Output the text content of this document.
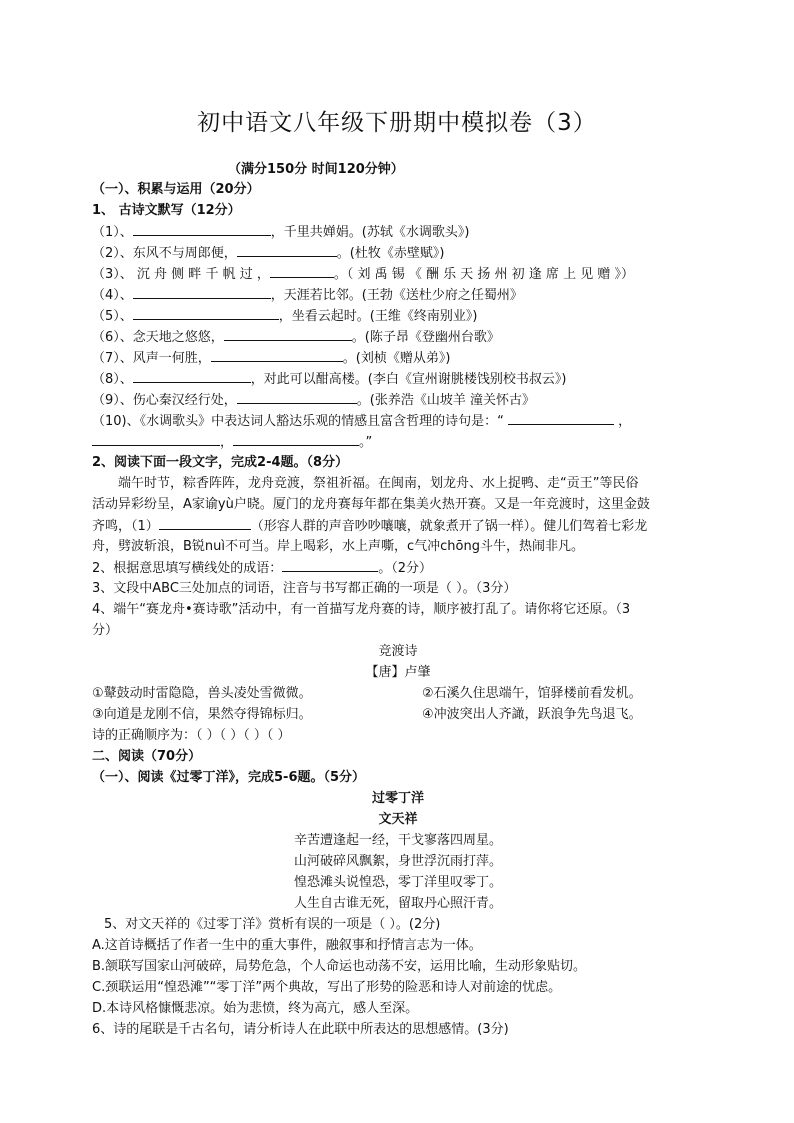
初中语文八年级下册期中模拟卷（3）
（满分150分 时间120分钟）
（一）、积累与运用（20分）
1、 古诗文默写（12分）
（1）、	，千里共婵娟。(苏轼《水调歌头》)
（2）、东风不与周郎便，	。(杜牧《赤壁赋》)
（3）、 沉 舟 侧 畔 千 帆 过 ，	。（ 刘 禹 锡 《 酬 乐 天 扬 州 初 逢 席 上 见 赠 》）
（4）、	，天涯若比邻。(王勃《送杜少府之任蜀州》
（5）、	，坐看云起时。(王维《终南别业》)
（6）、念天地之悠悠，	。(陈子昂《登幽州台歌》
（7）、风声一何胜，	。(刘桢《赠从弟》)
（8）、	，对此可以酣高楼。(李白《宣州谢朓楼饯别校书叔云》)
（9）、伤心秦汉经行处，	。(张养浩《山坡羊 潼关怀古》
（10)、《水调歌头》中表达词人豁达乐观的情感且富含哲理的诗句是：“	，
，	。”
2、阅读下面一段文字，完成2-4题。（8分）
端午时节，粽香阵阵，龙舟竞渡，祭祖祈福。在闽南，划龙舟、水上捉鸭、走“贡王”等民俗
活动异彩纷呈，A家谕yù户晓。厦门的龙舟赛每年都在集美火热开赛。又是一年竞渡时，这里金鼓
齐鸣，（1）	（形容人群的声音吵吵嚷嚷，就象煮开了锅一样）。健儿们驾着七彩龙
舟，劈波斩浪，B锐nuì不可当。岸上喝彩，水上声嘶，c气冲chōng斗牛，热闹非凡。
2、根据意思填写横线处的成语：	。（2分）
3、文段中ABC三处加点的词语，注音与书写都正确的一项是（ ）。（3分）
4、端午“赛龙舟•赛诗歌”活动中，有一首描写龙舟赛的诗，顺序被打乱了。请你将它还原。（3
分）
竞渡诗
【唐】卢肇
①鼙鼓动时雷隐隐，兽头凌处雪微微。	②石溪久住思端午，馆驿楼前看发机。
③向道是龙刚不信，果然夺得锦标归。	④冲波突出人齐譀，跃浪争先鸟退飞。
诗的正确顺序为：（ ）（ ）（ ）（ ）
二、阅读（70分）
（一）、阅读《过零丁洋》，完成5-6题。（5分）
过零丁洋
文天祥
辛苦遭逢起一经，干戈寥落四周星。
山河破碎风飘絮，身世浮沉雨打萍。
惶恐滩头说惶恐，零丁洋里叹零丁。
人生自古谁无死，留取丹心照汗青。
5、对文天祥的《过零丁洋》赏析有误的一项是（ ）。(2分)
A.这首诗概括了作者一生中的重大事件，融叙事和抒情言志为一体。
B.颔联写国家山河破碎，局势危急，个人命运也动荡不安，运用比喻，生动形象贴切。
C.颈联运用“惶恐滩”“零丁洋”两个典故，写出了形势的险恶和诗人对前途的忧虑。
D.本诗风格慷慨悲凉。始为悲愤，终为高亢，感人至深。
6、诗的尾联是千古名句，请分析诗人在此联中所表达的思想感情。(3分)
